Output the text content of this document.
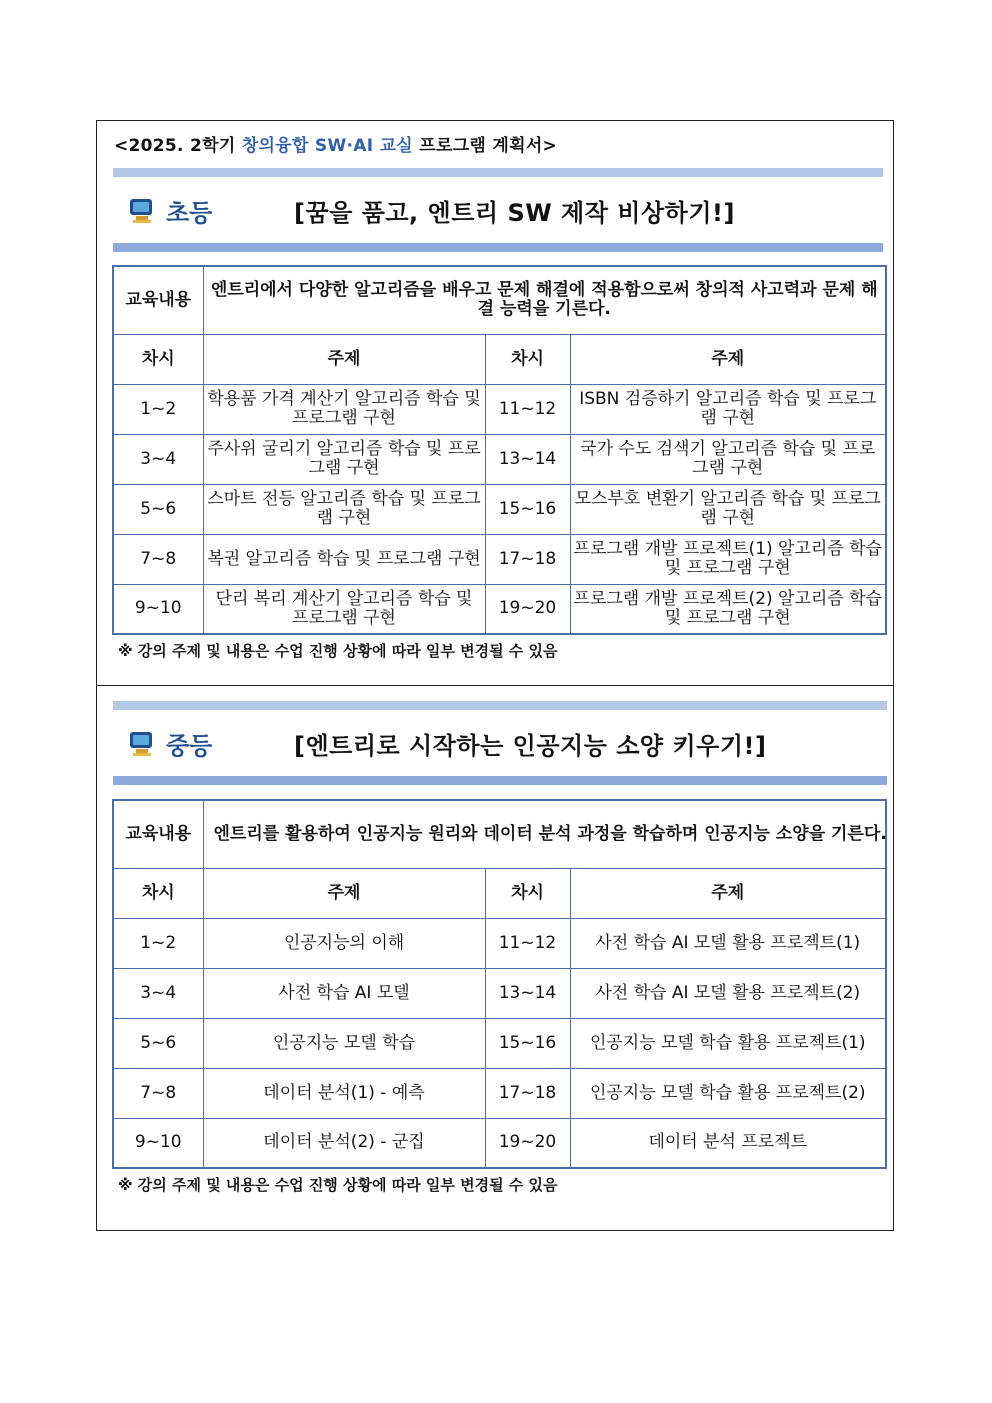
<2025. 2학기 창의융합 SW·AI 교실 프로그램 계획서>
초등	[꿈을 품고, 엔트리 SW 제작 비상하기!]
교육내용	엔트리에서 다양한 알고리즘을 배우고 문제 해결에 적용함으로써 창의적 사고력과 문제 해결 능력을 기른다.		
차시	주제	차시	주제
1~2	학용품 가격 계산기 알고리즘 학습 및 프로그램 구현	11~12	ISBN 검증하기 알고리즘 학습 및 프로그램 구현
3~4	주사위 굴리기 알고리즘 학습 및 프로그램 구현	13~14	국가 수도 검색기 알고리즘 학습 및 프로그램 구현
5~6	스마트 전등 알고리즘 학습 및 프로그램 구현	15~16	모스부호 변환기 알고리즘 학습 및 프로그램 구현
7~8	복권 알고리즘 학습 및 프로그램 구현	17~18	프로그램 개발 프로젝트(1) 알고리즘 학습 및 프로그램 구현
9~10	단리 복리 계산기 알고리즘 학습 및 프로그램 구현	19~20	프로그램 개발 프로젝트(2) 알고리즘 학습 및 프로그램 구현
※ 강의 주제 및 내용은 수업 진행 상황에 따라 일부 변경될 수 있음
중등	[엔트리로 시작하는 인공지능 소양 키우기!]
교육내용	엔트리를 활용하여 인공지능 원리와 데이터 분석 과정을 학습하며 인공지능 소양을 기른다.		
차시	주제	차시	주제
1~2	인공지능의 이해	11~12	사전 학습 AI 모델 활용 프로젝트(1)
3~4	사전 학습 AI 모델	13~14	사전 학습 AI 모델 활용 프로젝트(2)
5~6	인공지능 모델 학습	15~16	인공지능 모델 학습 활용 프로젝트(1)
7~8	데이터 분석(1) - 예측	17~18	인공지능 모델 학습 활용 프로젝트(2)
9~10	데이터 분석(2) - 군집	19~20	데이터 분석 프로젝트
※ 강의 주제 및 내용은 수업 진행 상황에 따라 일부 변경될 수 있음
